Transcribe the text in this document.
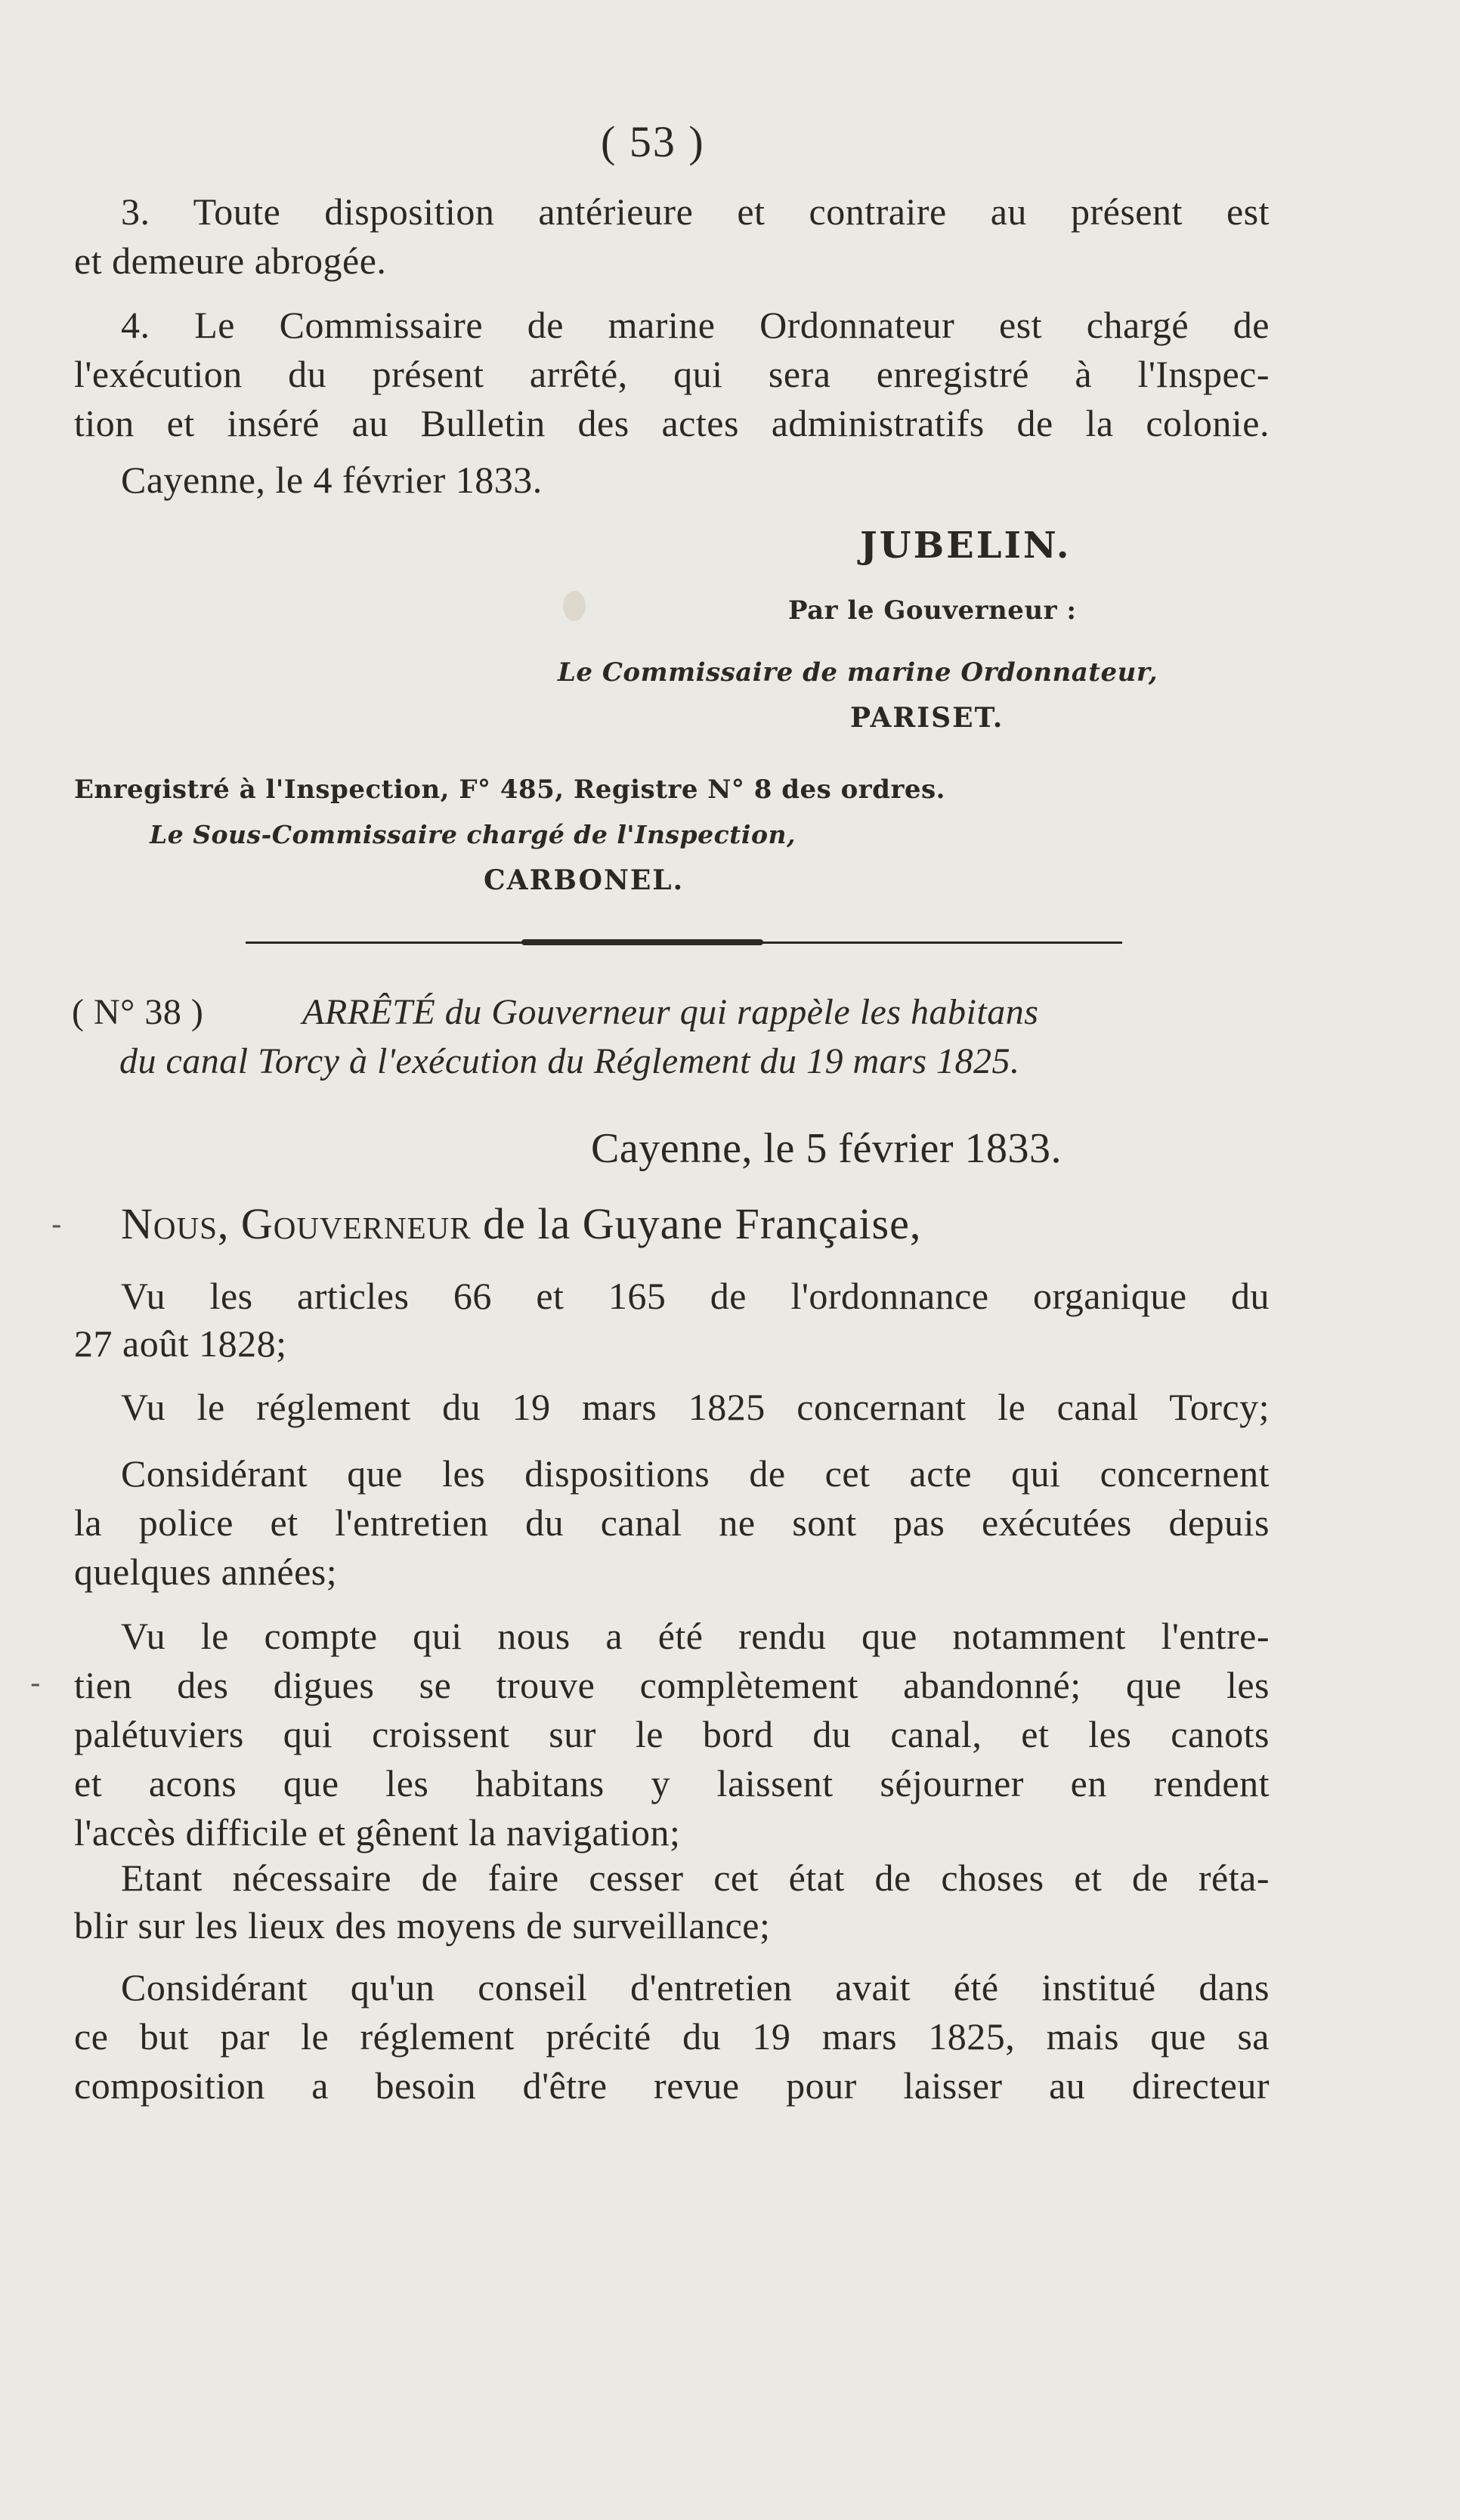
( 53 )
3. Toute disposition antérieure et contraire au présent est
et demeure abrogée.
4. Le Commissaire de marine Ordonnateur est chargé de
l'exécution du présent arrêté, qui sera enregistré à l'Inspec-
tion et inséré au Bulletin des actes administratifs de la colonie.
Cayenne, le 4 février 1833.
JUBELIN.
Par le Gouverneur :
Le Commissaire de marine Ordonnateur,
PARISET.
Enregistré à l'Inspection, F° 485, Registre N° 8 des ordres.
Le Sous-Commissaire chargé de l'Inspection,
CARBONEL.
( N° 38 )	ARRÊTÉ du Gouverneur qui rappèle les habitans
du canal Torcy à l'exécution du Réglement du 19 mars 1825.
Cayenne, le 5 février 1833.
- Nous, Gouverneur de la Guyane Française,
Vu les articles 66 et 165 de l'ordonnance organique du
27 août 1828;
Vu le réglement du 19 mars 1825 concernant le canal Torcy;
Considérant que les dispositions de cet acte qui concernent
la police et l'entretien du canal ne sont pas exécutées depuis
quelques années;
Vu le compte qui nous a été rendu que notamment l'entre-
- tien des digues se trouve complètement abandonné; que les
palétuviers qui croissent sur le bord du canal, et les canots
et acons que les habitans y laissent séjourner en rendent
l'accès difficile et gênent la navigation;
Etant nécessaire de faire cesser cet état de choses et de réta-
blir sur les lieux des moyens de surveillance;
Considérant qu'un conseil d'entretien avait été institué dans
ce but par le réglement précité du 19 mars 1825, mais que sa
composition a besoin d'être revue pour laisser au directeur
